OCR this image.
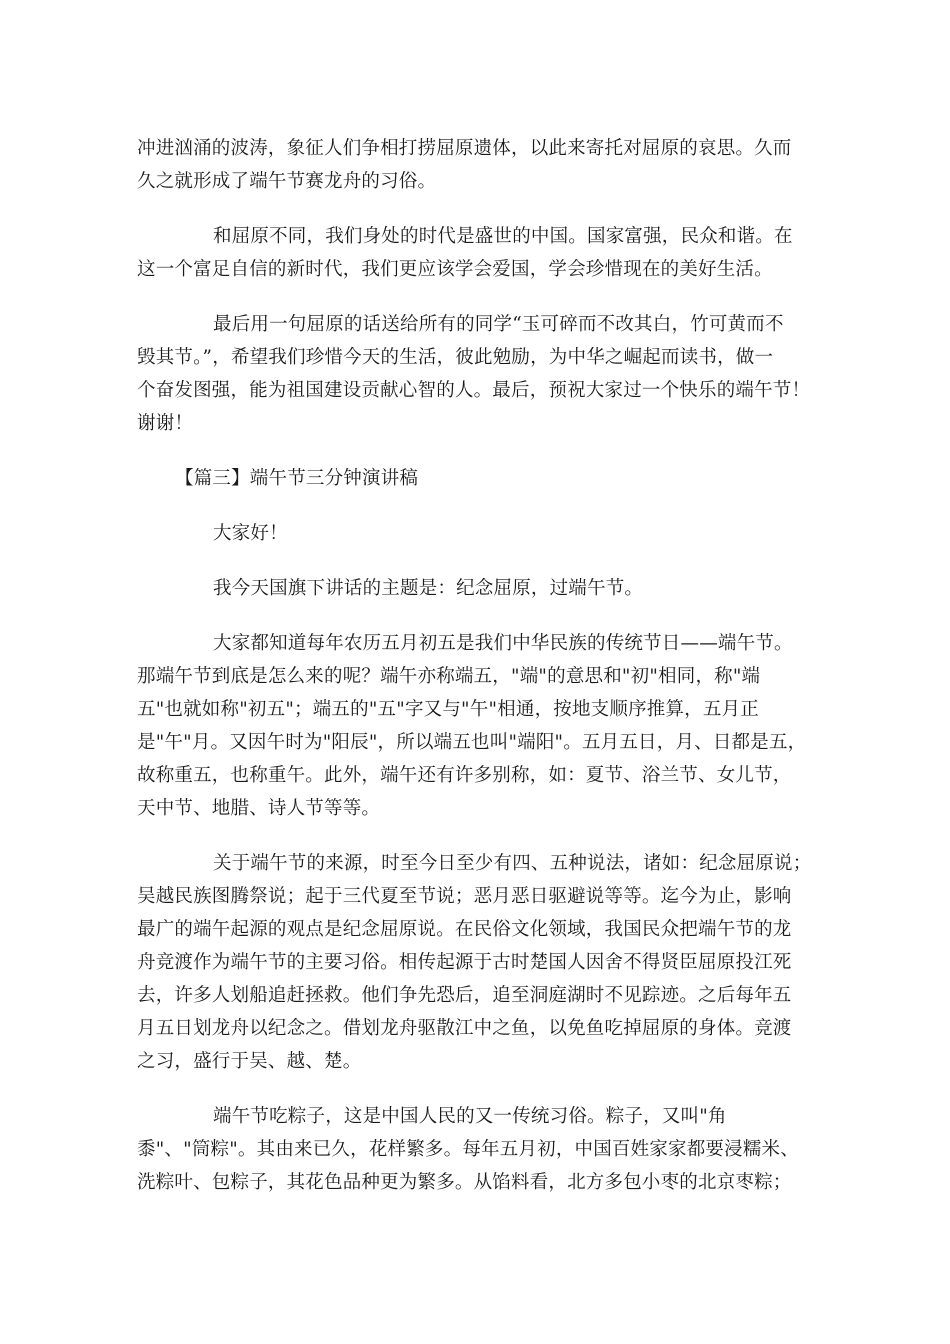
冲进汹涌的波涛，象征人们争相打捞屈原遗体，以此来寄托对屈原的哀思。久而
久之就形成了端午节赛龙舟的习俗。
和屈原不同，我们身处的时代是盛世的中国。国家富强，民众和谐。在
这一个富足自信的新时代，我们更应该学会爱国，学会珍惜现在的美好生活。
最后用一句屈原的话送给所有的同学“玉可碎而不改其白，竹可黄而不
毁其节。”，希望我们珍惜今天的生活，彼此勉励，为中华之崛起而读书，做一
个奋发图强，能为祖国建设贡献心智的人。最后，预祝大家过一个快乐的端午节！
谢谢！
【篇三】端午节三分钟演讲稿
大家好！
我今天国旗下讲话的主题是：纪念屈原，过端午节。
大家都知道每年农历五月初五是我们中华民族的传统节日——端午节。
那端午节到底是怎么来的呢？端午亦称端五，"端"的意思和"初"相同，称"端
五"也就如称"初五"；端五的"五"字又与"午"相通，按地支顺序推算，五月正
是"午"月。又因午时为"阳辰"，所以端五也叫"端阳"。五月五日，月、日都是五，
故称重五，也称重午。此外，端午还有许多别称，如：夏节、浴兰节、女儿节，
天中节、地腊、诗人节等等。
关于端午节的来源，时至今日至少有四、五种说法，诸如：纪念屈原说；
吴越民族图腾祭说；起于三代夏至节说；恶月恶日驱避说等等。迄今为止，影响
最广的端午起源的观点是纪念屈原说。在民俗文化领域，我国民众把端午节的龙
舟竞渡作为端午节的主要习俗。相传起源于古时楚国人因舍不得贤臣屈原投江死
去，许多人划船追赶拯救。他们争先恐后，追至洞庭湖时不见踪迹。之后每年五
月五日划龙舟以纪念之。借划龙舟驱散江中之鱼，以免鱼吃掉屈原的身体。竞渡
之习，盛行于吴、越、楚。
端午节吃粽子，这是中国人民的又一传统习俗。粽子，又叫"角
黍"、"筒粽"。其由来已久，花样繁多。每年五月初，中国百姓家家都要浸糯米、
洗粽叶、包粽子，其花色品种更为繁多。从馅料看，北方多包小枣的北京枣粽；
